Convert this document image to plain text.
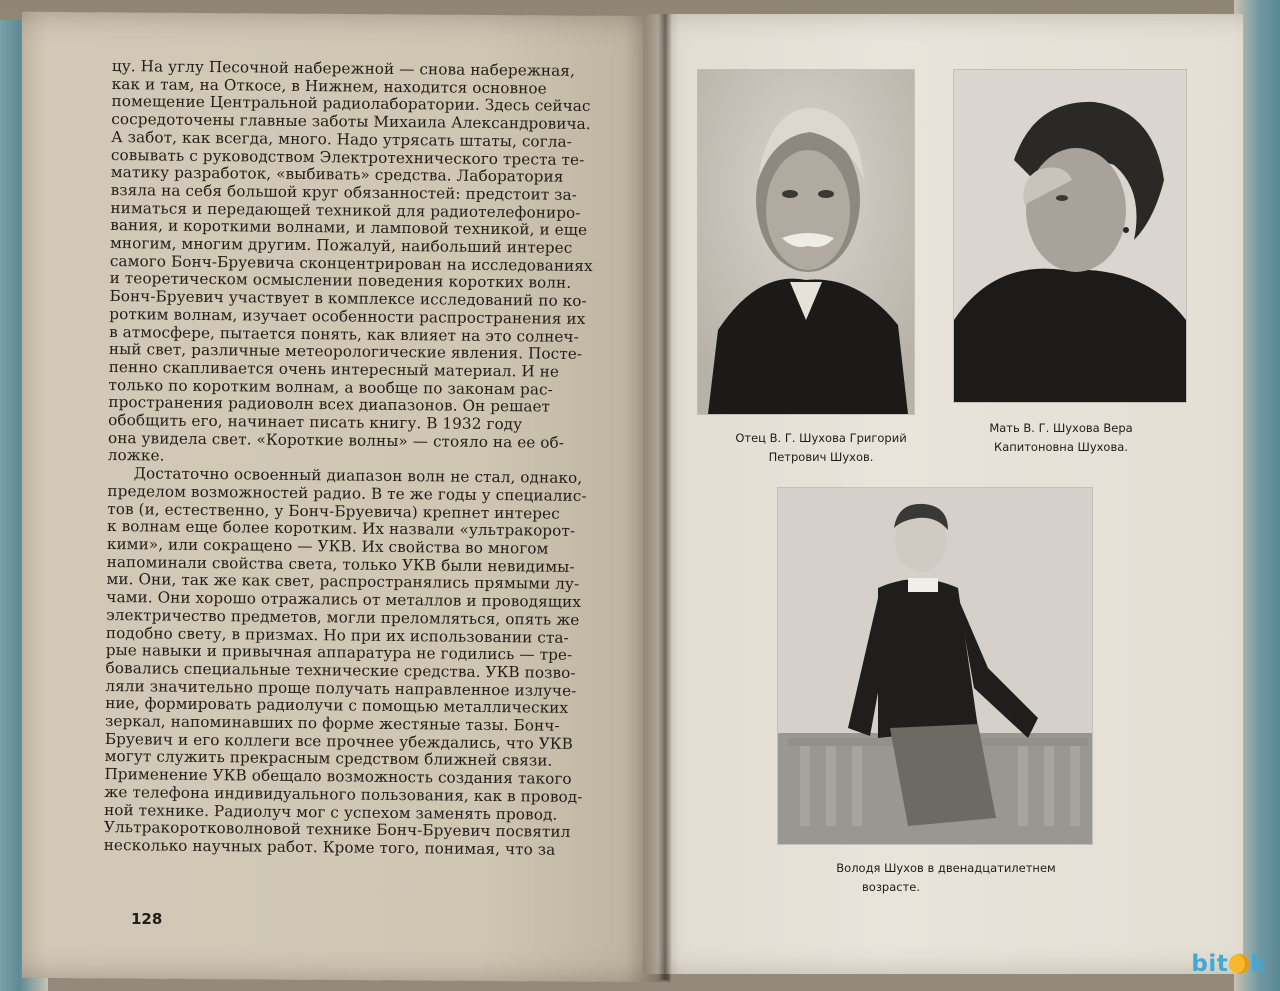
цу. На углу Песочной набережной — снова набережная,
как и там, на Откосе, в Нижнем, находится основное
помещение Центральной радиолаборатории. Здесь сейчас
сосредоточены главные заботы Михаила Александровича.
А забот, как всегда, много. Надо утрясать штаты, согла-
совывать с руководством Электротехнического треста те-
матику разработок, «выбивать» средства. Лаборатория
взяла на себя большой круг обязанностей: предстоит за-
ниматься и передающей техникой для радиотелефониро-
вания, и короткими волнами, и ламповой техникой, и еще
многим, многим другим. Пожалуй, наибольший интерес
самого Бонч-Бруевича сконцентрирован на исследованиях
и теоретическом осмыслении поведения коротких волн.
Бонч-Бруевич участвует в комплексе исследований по ко-
ротким волнам, изучает особенности распространения их
в атмосфере, пытается понять, как влияет на это солнеч-
ный свет, различные метеорологические явления. Посте-
пенно скапливается очень интересный материал. И не
только по коротким волнам, а вообще по законам рас-
пространения радиоволн всех диапазонов. Он решает
обобщить его, начинает писать книгу. В 1932 году
она увидела свет. «Короткие волны» — стояло на ее об-
ложке.
Достаточно освоенный диапазон волн не стал, однако,
пределом возможностей радио. В те же годы у специалис-
тов (и, естественно, у Бонч-Бруевича) крепнет интерес
к волнам еще более коротким. Их назвали «ультракорот-
кими», или сокращено — УКВ. Их свойства во многом
напоминали свойства света, только УКВ были невидимы-
ми. Они, так же как свет, распространялись прямыми лу-
чами. Они хорошо отражались от металлов и проводящих
электричество предметов, могли преломляться, опять же
подобно свету, в призмах. Но при их использовании ста-
рые навыки и привычная аппаратура не годились — тре-
бовались специальные технические средства. УКВ позво-
ляли значительно проще получать направленное излуче-
ние, формировать радиолучи с помощью металлических
зеркал, напоминавших по форме жестяные тазы. Бонч-
Бруевич и его коллеги все прочнее убеждались, что УКВ
могут служить прекрасным средством ближней связи.
Применение УКВ обещало возможность создания такого
же телефона индивидуального пользования, как в провод-
ной технике. Радиолуч мог с успехом заменять провод.
Ультракоротковолновой технике Бонч-Бруевич посвятил
несколько научных работ. Кроме того, понимая, что за
128
Отец В. Г. Шухова Григорий
Петрович Шухов.
Мать В. Г. Шухова Вера
Капитоновна Шухова.
Володя Шухов в двенадцатилетнем
возрасте.
bit k
